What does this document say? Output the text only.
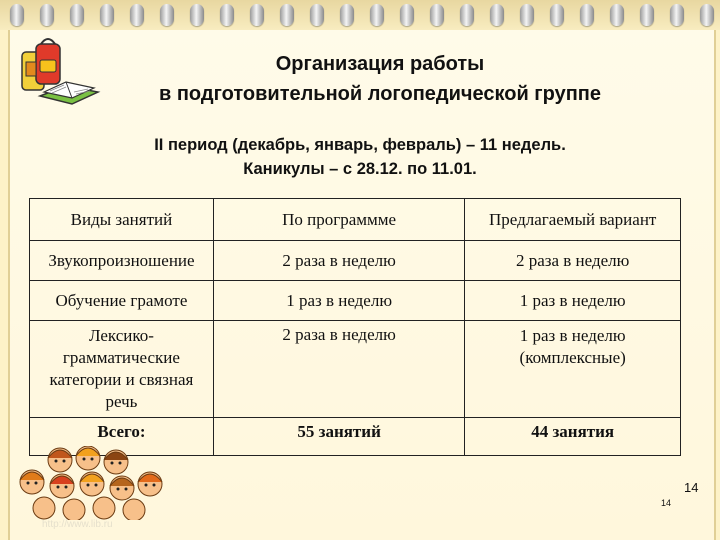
Организация работы
в подготовительной логопедической группе
II период (декабрь, январь, февраль) – 11 недель.
Каникулы – с 28.12. по 11.01.
Виды занятий	По программме	Предлагаемый вариант
Звукопроизношение	2 раза в неделю	2 раза в неделю
Обучение грамоте	1 раз в неделю	1 раз в неделю
Лексико-грамматические категории и связная речь	2 раза в неделю	1 раз в неделю (комплексные)
Всего:	55 занятий	44 занятия
14
14
http://www.lib.ru
